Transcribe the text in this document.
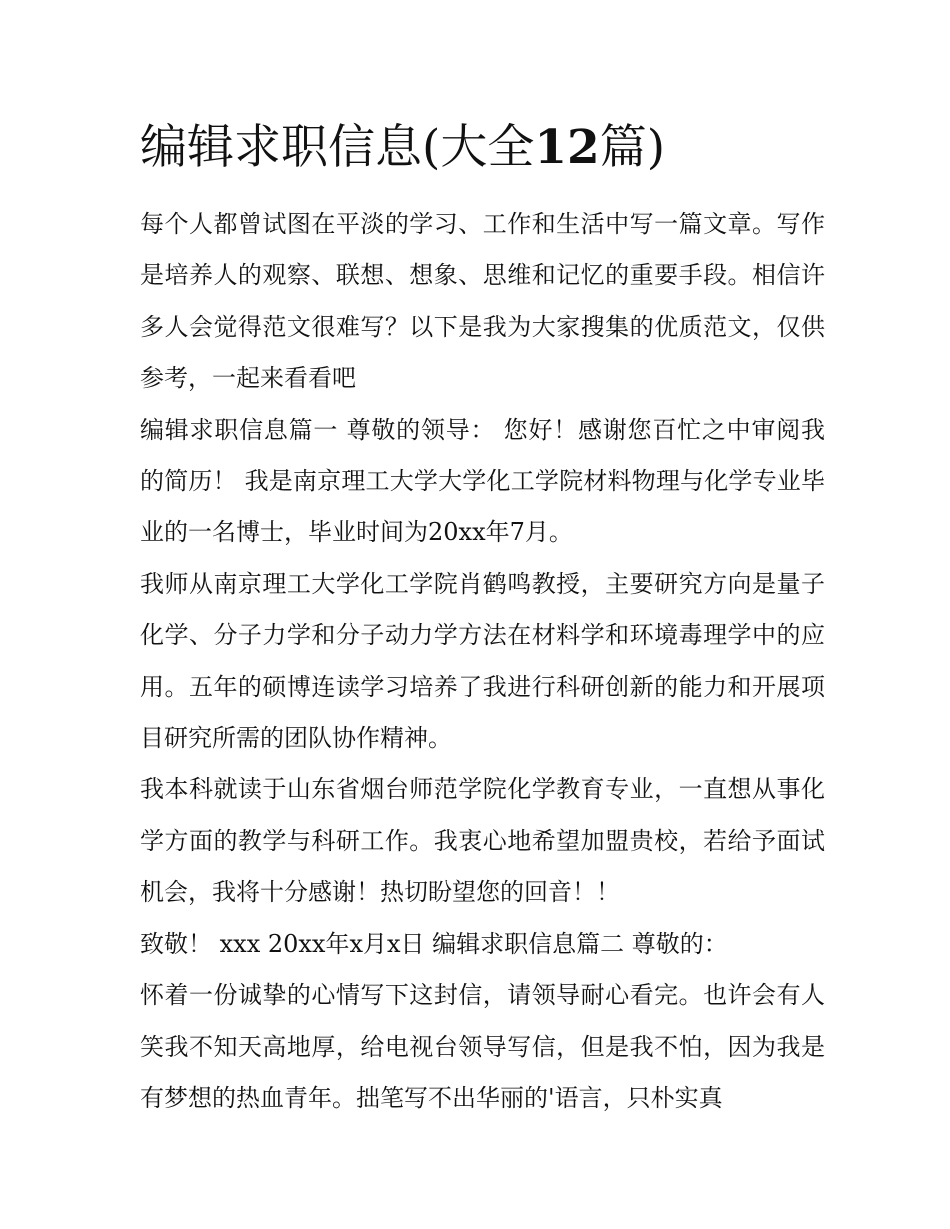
编辑求职信息(大全12篇)

每个人都曾试图在平淡的学习、工作和生活中写一篇文章。写作是培养人的观察、联想、想象、思维和记忆的重要手段。相信许多人会觉得范文很难写？以下是我为大家搜集的优质范文，仅供参考，一起来看看吧

编辑求职信息篇一 尊敬的领导： 您好！感谢您百忙之中审阅我的简历！ 我是南京理工大学大学化工学院材料物理与化学专业毕业的一名博士，毕业时间为20xx年7月。

我师从南京理工大学化工学院肖鹤鸣教授，主要研究方向是量子化学、分子力学和分子动力学方法在材料学和环境毒理学中的应用。五年的硕博连读学习培养了我进行科研创新的能力和开展项目研究所需的团队协作精神。

我本科就读于山东省烟台师范学院化学教育专业，一直想从事化学方面的教学与科研工作。我衷心地希望加盟贵校，若给予面试机会，我将十分感谢！热切盼望您的回音！！

致敬！ xxx 20xx年x月x日 编辑求职信息篇二 尊敬的：

怀着一份诚挚的心情写下这封信，请领导耐心看完。也许会有人笑我不知天高地厚，给电视台领导写信，但是我不怕，因为我是有梦想的热血青年。拙笔写不出华丽的'语言，只朴实真
